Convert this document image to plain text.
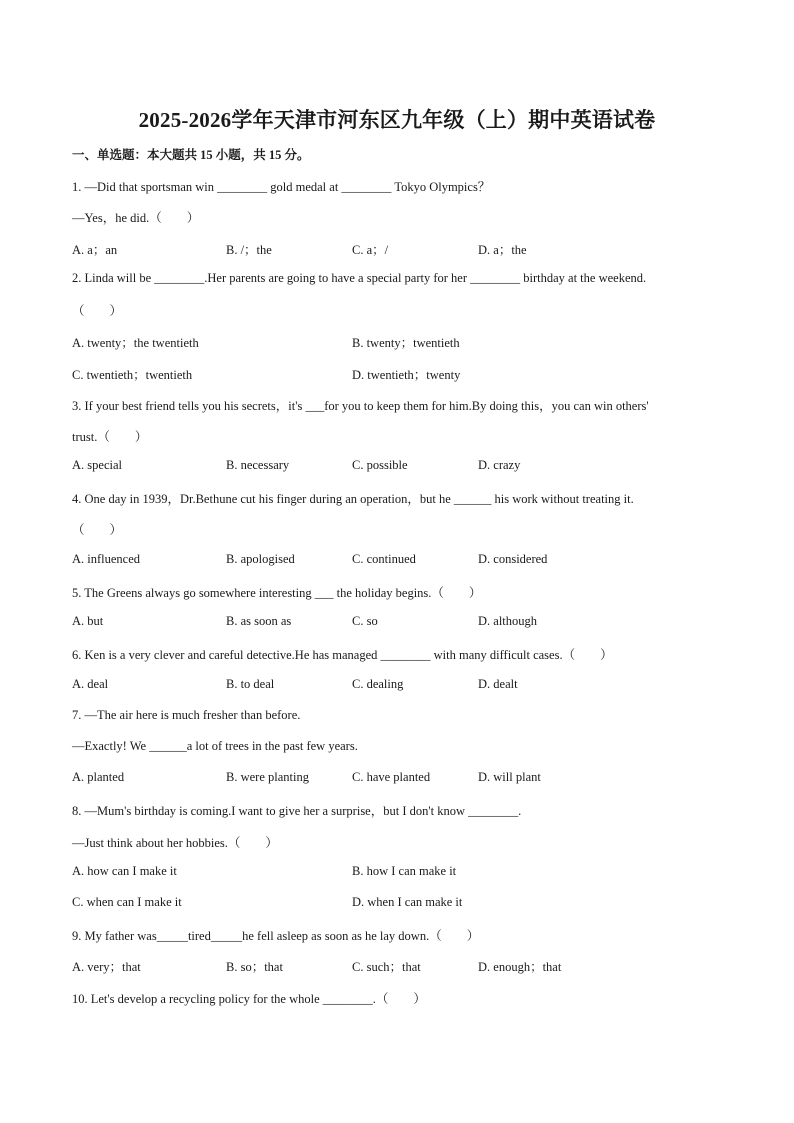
2025-2026学年天津市河东区九年级（上）期中英语试卷
一、单选题：本大题共 15 小题，共 15 分。
1. —Did that sportsman win ________ gold medal at ________ Tokyo Olympics？
—Yes，he did.（　　）
A. a；an	B. /；the	C. a；/	D. a；the
2. Linda will be ________.Her parents are going to have a special party for her ________ birthday at the weekend.
（　　）
A. twenty；the twentieth	B. twenty；twentieth
C. twentieth；twentieth	D. twentieth；twenty
3. If your best friend tells you his secrets，it's ___for you to keep them for him.By doing this，you can win others'
trust.（　　）
A. special	B. necessary	C. possible	D. crazy
4. One day in 1939，Dr.Bethune cut his finger during an operation，but he ______ his work without treating it.
（　　）
A. influenced	B. apologised	C. continued	D. considered
5. The Greens always go somewhere interesting ___ the holiday begins.（　　）
A. but	B. as soon as	C. so	D. although
6. Ken is a very clever and careful detective.He has managed ________ with many difficult cases.（　　）
A. deal	B. to deal	C. dealing	D. dealt
7. —The air here is much fresher than before.
—Exactly! We ______a lot of trees in the past few years.
A. planted	B. were planting	C. have planted	D. will plant
8. —Mum's birthday is coming.I want to give her a surprise，but I don't know ________.
—Just think about her hobbies.（　　）
A. how can I make it	B. how I can make it
C. when can I make it	D. when I can make it
9. My father was_____tired_____he fell asleep as soon as he lay down.（　　）
A. very；that	B. so；that	C. such；that	D. enough；that
10. Let's develop a recycling policy for the whole ________.（　　）
